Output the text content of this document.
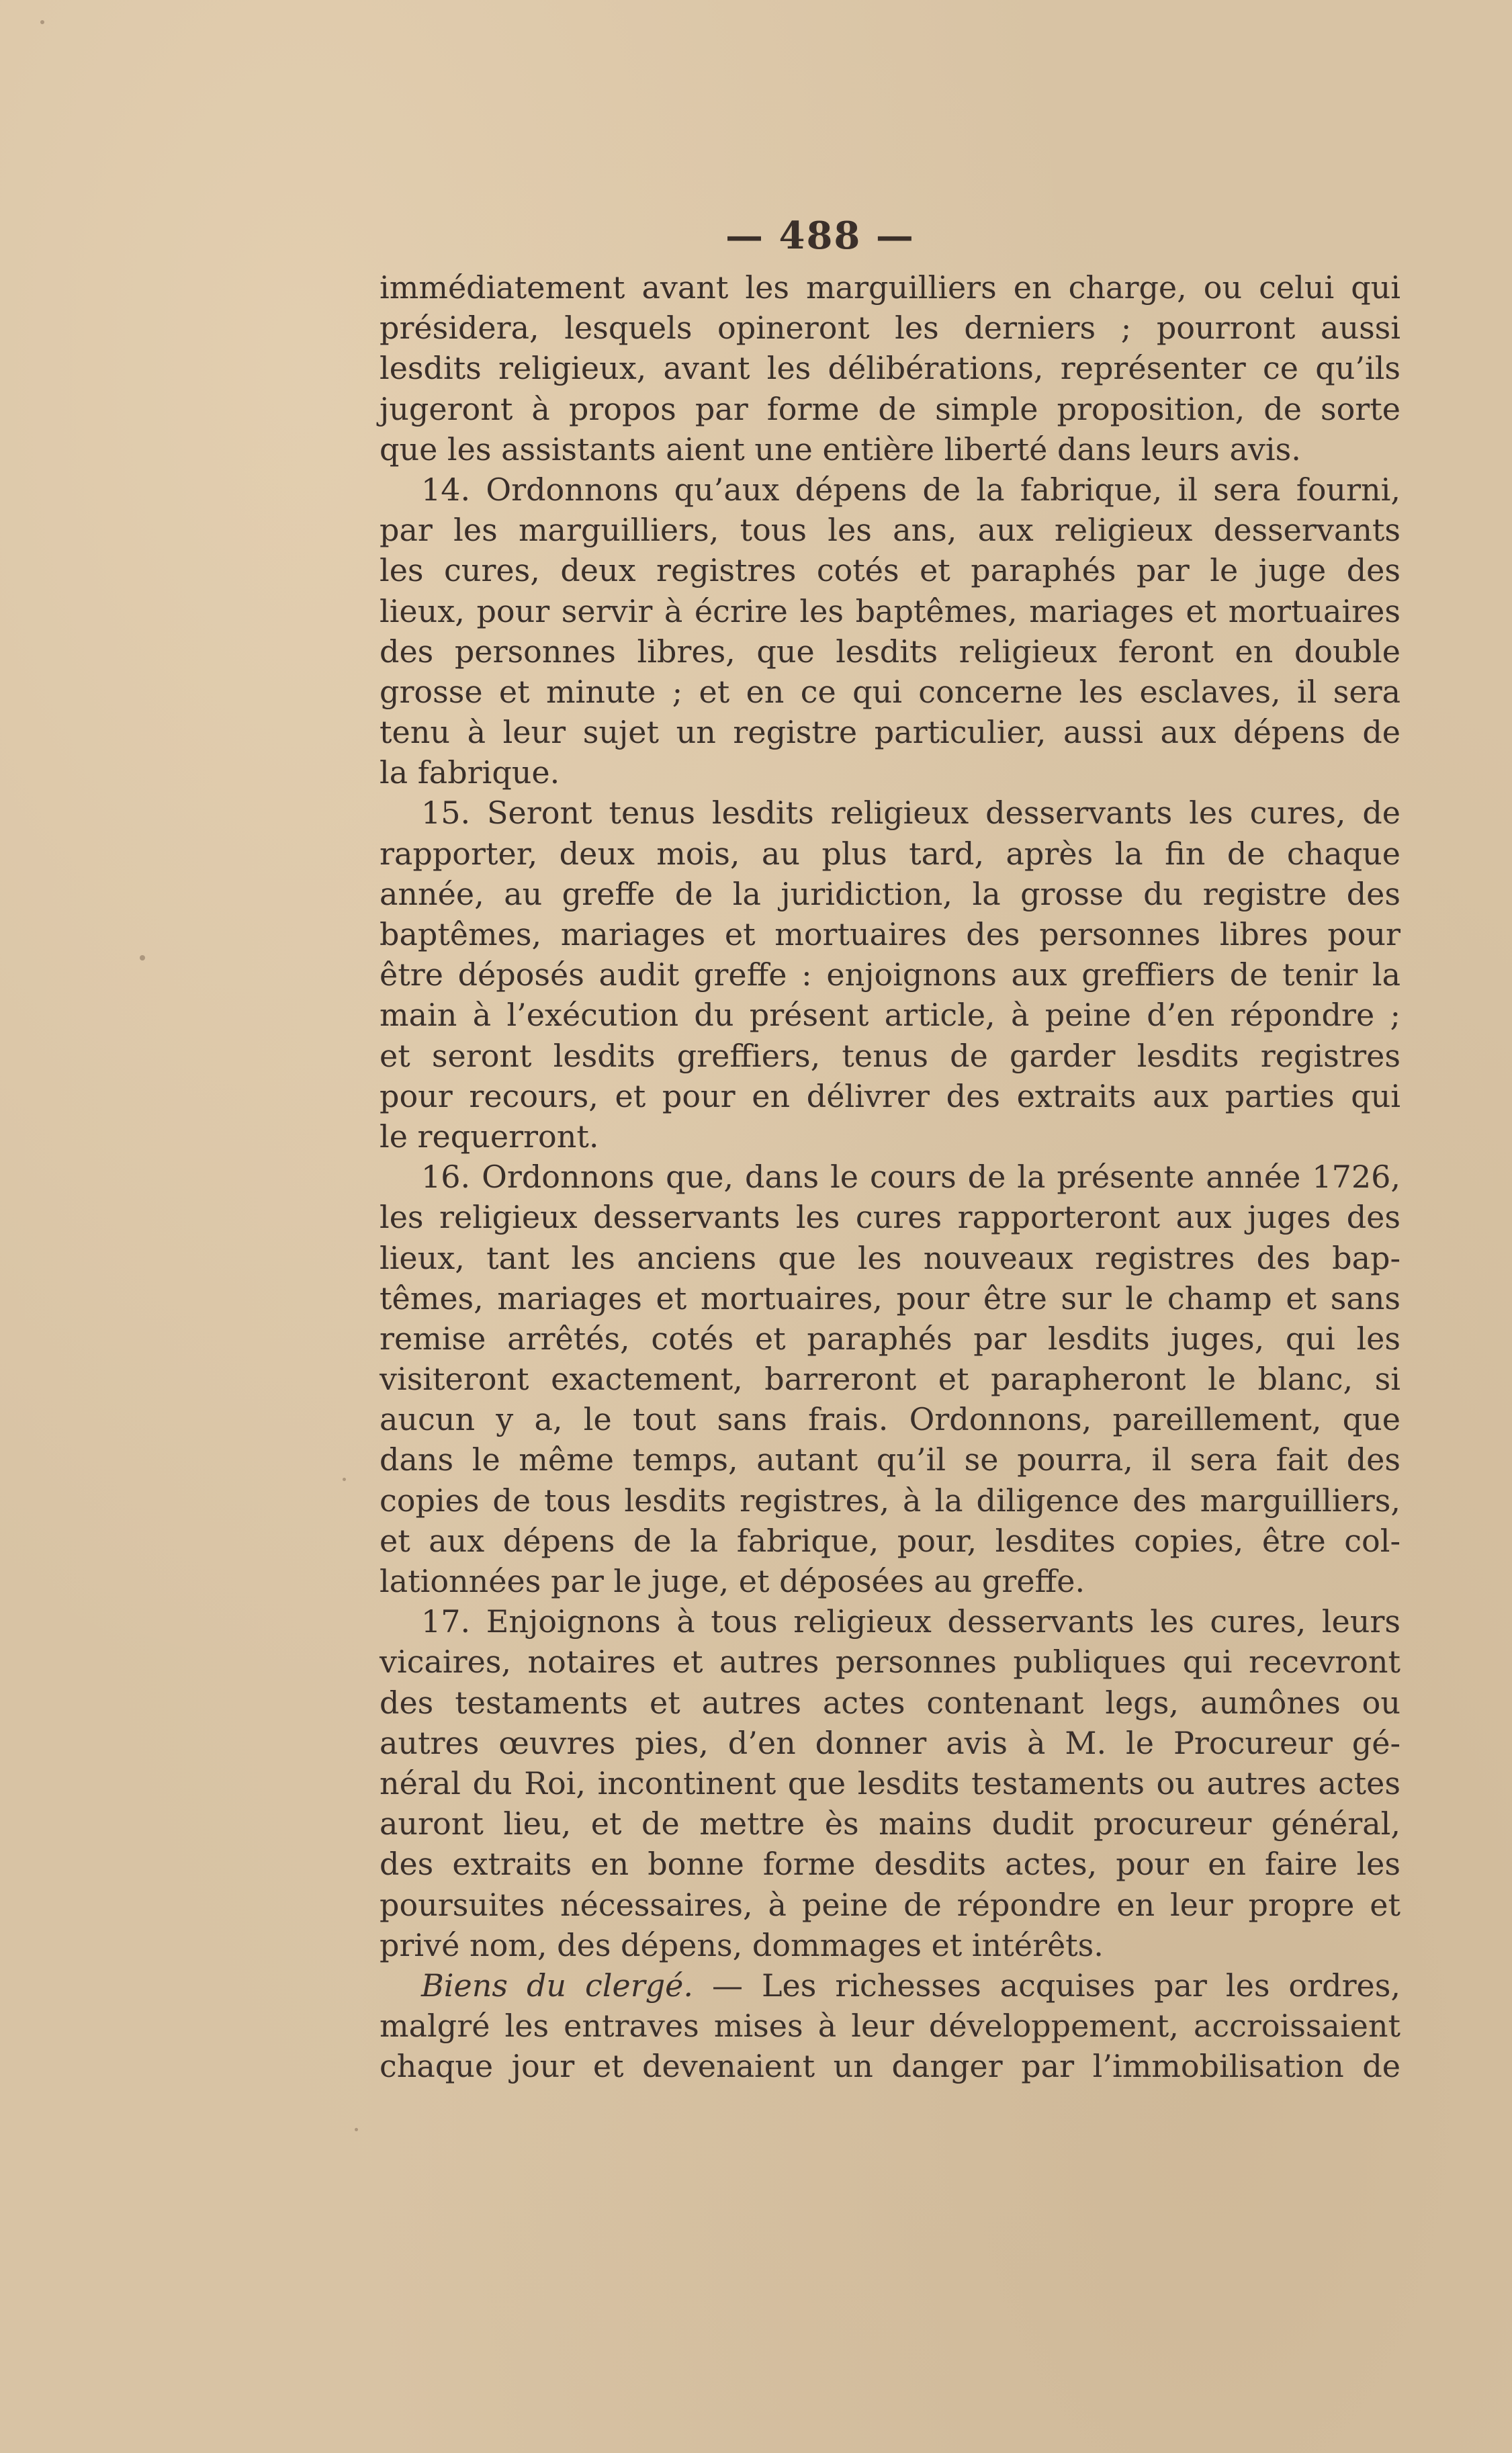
— 488 —
immédiatement avant les marguilliers en charge, ou celui qui
présidera, lesquels opineront les derniers ; pourront aussi
lesdits religieux, avant les délibérations, représenter ce qu’ils
jugeront à propos par forme de simple proposition, de sorte
que les assistants aient une entière liberté dans leurs avis.
14. Ordonnons qu’aux dépens de la fabrique, il sera fourni,
par les marguilliers, tous les ans, aux religieux desservants
les cures, deux registres cotés et paraphés par le juge des
lieux, pour servir à écrire les baptêmes, mariages et mortuaires
des personnes libres, que lesdits religieux feront en double
grosse et minute ; et en ce qui concerne les esclaves, il sera
tenu à leur sujet un registre particulier, aussi aux dépens de
la fabrique.
15. Seront tenus lesdits religieux desservants les cures, de
rapporter, deux mois, au plus tard, après la fin de chaque
année, au greffe de la juridiction, la grosse du registre des
baptêmes, mariages et mortuaires des personnes libres pour
être déposés audit greffe : enjoignons aux greffiers de tenir la
main à l’exécution du présent article, à peine d’en répondre ;
et seront lesdits greffiers, tenus de garder lesdits registres
pour recours, et pour en délivrer des extraits aux parties qui
le requerront.
16. Ordonnons que, dans le cours de la présente année 1726,
les religieux desservants les cures rapporteront aux juges des
lieux, tant les anciens que les nouveaux registres des bap-
têmes, mariages et mortuaires, pour être sur le champ et sans
remise arrêtés, cotés et paraphés par lesdits juges, qui les
visiteront exactement, barreront et parapheront le blanc, si
aucun y a, le tout sans frais. Ordonnons, pareillement, que
dans le même temps, autant qu’il se pourra, il sera fait des
copies de tous lesdits registres, à la diligence des marguilliers,
et aux dépens de la fabrique, pour, lesdites copies, être col-
lationnées par le juge, et déposées au greffe.
17. Enjoignons à tous religieux desservants les cures, leurs
vicaires, notaires et autres personnes publiques qui recevront
des testaments et autres actes contenant legs, aumônes ou
autres œuvres pies, d’en donner avis à M. le Procureur gé-
néral du Roi, incontinent que lesdits testaments ou autres actes
auront lieu, et de mettre ès mains dudit procureur général,
des extraits en bonne forme desdits actes, pour en faire les
poursuites nécessaires, à peine de répondre en leur propre et
privé nom, des dépens, dommages et intérêts.
Biens du clergé. — Les richesses acquises par les ordres,
malgré les entraves mises à leur développement, accroissaient
chaque jour et devenaient un danger par l’immobilisation de
